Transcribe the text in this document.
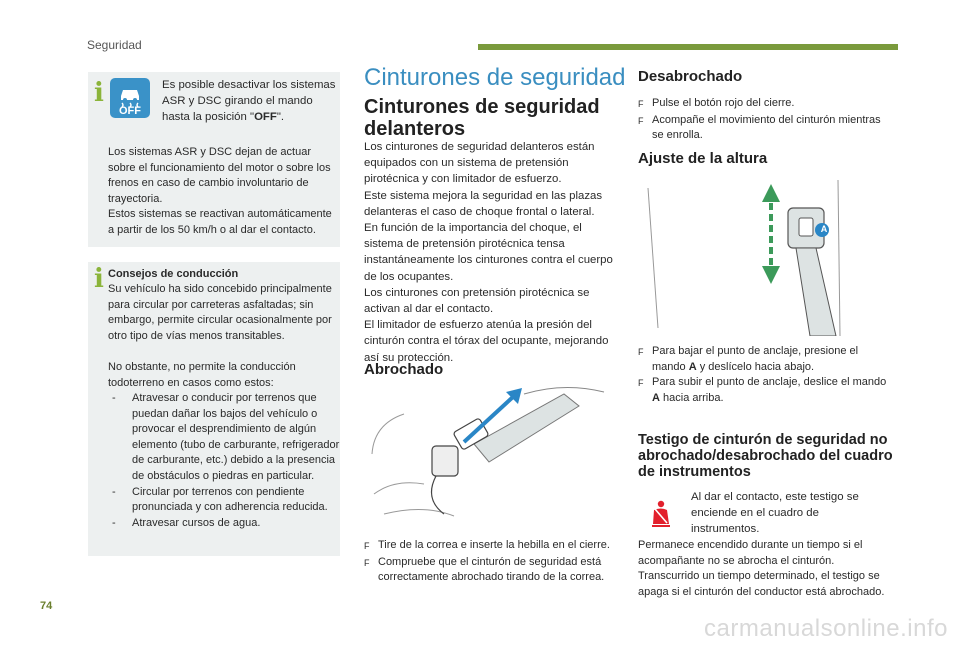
Seguridad
i
OFF

Es posible desactivar los sistemas ASR y DSC girando el mando hasta la posición "OFF".

Los sistemas ASR y DSC dejan de actuar sobre el funcionamiento del motor o sobre los frenos en caso de cambio involuntario de trayectoria.

Estos sistemas se reactivan automáticamente a partir de los 50 km/h o al dar el contacto.

i Consejos de conducción

Su vehículo ha sido concebido principalmente para circular por carreteras asfaltadas; sin embargo, permite circular ocasionalmente por otro tipo de vías menos transitables.

No obstante, no permite la conducción todoterreno en casos como estos:

-	Atravesar o conducir por terrenos que puedan dañar los bajos del vehículo o provocar el desprendimiento de algún elemento (tubo de carburante, refrigerador de carburante, etc.) debido a la presencia de obstáculos o piedras en particular.
-	Circular por terrenos con pendiente pronunciada y con adherencia reducida.
-	Atravesar cursos de agua.
Cinturones de seguridad
Cinturones de seguridad delanteros

Los cinturones de seguridad delanteros están equipados con un sistema de pretensión pirotécnica y con limitador de esfuerzo.

Este sistema mejora la seguridad en las plazas delanteras el caso de choque frontal o lateral.

En función de la importancia del choque, el sistema de pretensión pirotécnica tensa instantáneamente los cinturones contra el cuerpo de los ocupantes.

Los cinturones con pretensión pirotécnica se activan al dar el contacto.

El limitador de esfuerzo atenúa la presión del cinturón contra el tórax del ocupante, mejorando así su protección.

Abrochado
F Tire de la correa e inserte la hebilla en el cierre.
F Compruebe que el cinturón de seguridad está correctamente abrochado tirando de la correa.
Desabrochado
F Pulse el botón rojo del cierre.
F Acompañe el movimiento del cinturón mientras se enrolla.
Ajuste de la altura
A
F Para bajar el punto de anclaje, presione el mando A y deslícelo hacia abajo.
F Para subir el punto de anclaje, deslice el mando A hacia arriba.
Testigo de cinturón de seguridad no abrochado/desabrochado del cuadro de instrumentos

Al dar el contacto, este testigo se enciende en el cuadro de instrumentos.

Permanece encendido durante un tiempo si el acompañante no se abrocha el cinturón.

Transcurrido un tiempo determinado, el testigo se apaga si el cinturón del conductor está abrochado.

74
carmanualsonline.info
